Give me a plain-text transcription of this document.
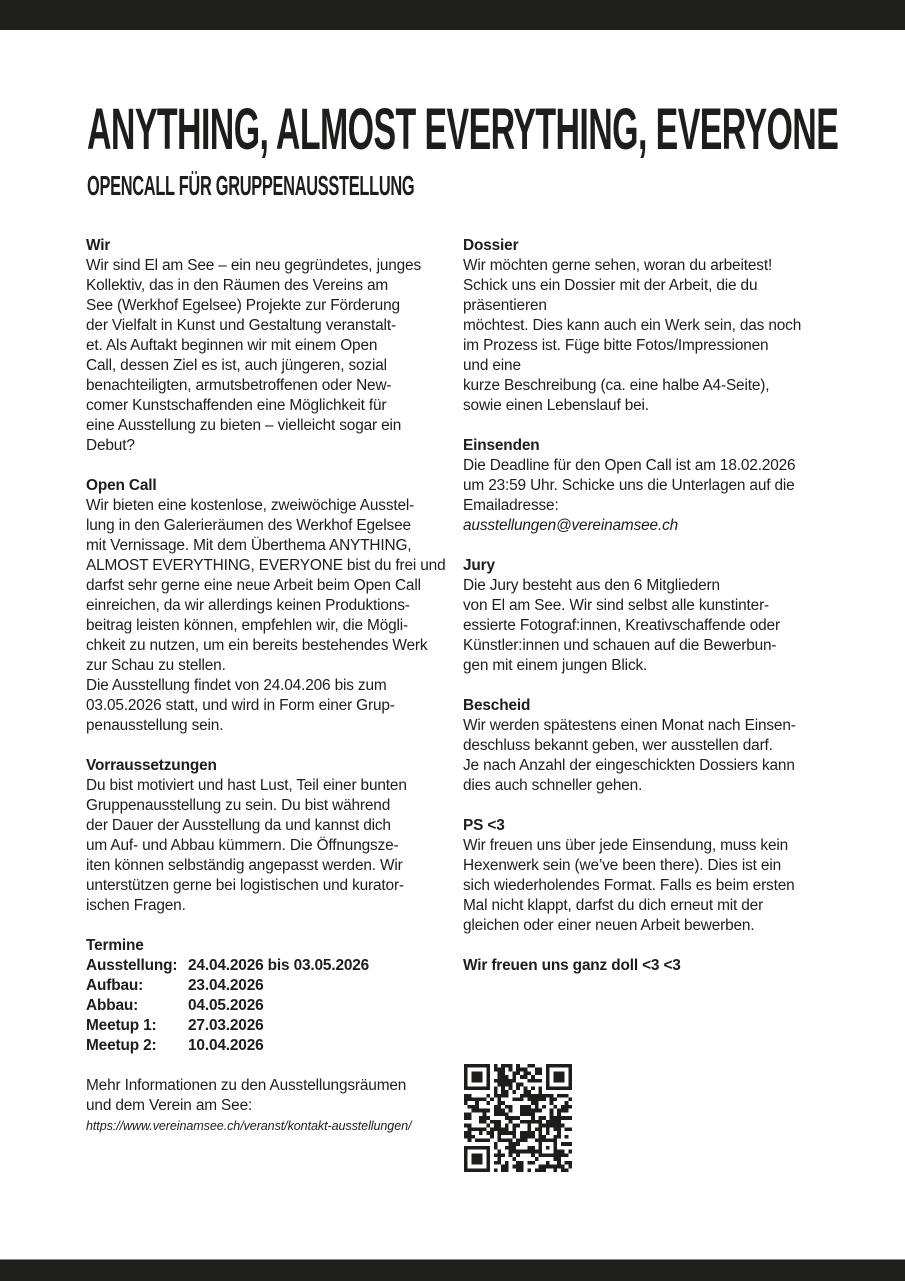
ANYTHING, ALMOST EVERYTHING, EVERYONE
OPENCALL FÜR GRUPPENAUSSTELLUNG
Wir
Wir sind El am See – ein neu gegründetes, junges
Kollektiv, das in den Räumen des Vereins am
See (Werkhof Egelsee) Projekte zur Förderung
der Vielfalt in Kunst und Gestaltung veranstalt-
et. Als Auftakt beginnen wir mit einem Open
Call, dessen Ziel es ist, auch jüngeren, sozial
benachteiligten, armutsbetroffenen oder New-
comer Kunstschaffenden eine Möglichkeit für
eine Ausstellung zu bieten – vielleicht sogar ein
Debut?
Open Call
Wir bieten eine kostenlose, zweiwöchige Ausstel-
lung in den Galerieräumen des Werkhof Egelsee
mit Vernissage. Mit dem Überthema ANYTHING,
ALMOST EVERYTHING, EVERYONE bist du frei und
darfst sehr gerne eine neue Arbeit beim Open Call
einreichen, da wir allerdings keinen Produktions-
beitrag leisten können, empfehlen wir, die Mögli-
chkeit zu nutzen, um ein bereits bestehendes Werk
zur Schau zu stellen.
Die Ausstellung findet von 24.04.206 bis zum
03.05.2026 statt, und wird in Form einer Grup-
penausstellung sein.
Vorraussetzungen
Du bist motiviert und hast Lust, Teil einer bunten
Gruppenausstellung zu sein. Du bist während
der Dauer der Ausstellung da und kannst dich
um Auf- und Abbau kümmern. Die Öffnungsze-
iten können selbständig angepasst werden. Wir
unterstützen gerne bei logistischen und kurator-
ischen Fragen.
Termine
Ausstellung: 24.04.2026 bis 03.05.2026
Aufbau:	23.04.2026
Abbau:	04.05.2026
Meetup 1:	27.03.2026
Meetup 2:	10.04.2026
Mehr Informationen zu den Ausstellungsräumen
und dem Verein am See:
https://www.vereinamsee.ch/veranst/kontakt-ausstellungen/
Dossier
Wir möchten gerne sehen, woran du arbeitest!
Schick uns ein Dossier mit der Arbeit, die du
präsentieren
möchtest. Dies kann auch ein Werk sein, das noch
im Prozess ist. Füge bitte Fotos/Impressionen
und eine
kurze Beschreibung (ca. eine halbe A4-Seite),
sowie einen Lebenslauf bei.
Einsenden
Die Deadline für den Open Call ist am 18.02.2026
um 23:59 Uhr. Schicke uns die Unterlagen auf die
Emailadresse:
ausstellungen@vereinamsee.ch
Jury
Die Jury besteht aus den 6 Mitgliedern
von El am See. Wir sind selbst alle kunstinter-
essierte Fotograf:innen, Kreativschaffende oder
Künstler:innen und schauen auf die Bewerbun-
gen mit einem jungen Blick.
Bescheid
Wir werden spätestens einen Monat nach Einsen-
deschluss bekannt geben, wer ausstellen darf.
Je nach Anzahl der eingeschickten Dossiers kann
dies auch schneller gehen.
PS <3
Wir freuen uns über jede Einsendung, muss kein
Hexenwerk sein (we’ve been there). Dies ist ein
sich wiederholendes Format. Falls es beim ersten
Mal nicht klappt, darfst du dich erneut mit der
gleichen oder einer neuen Arbeit bewerben.
Wir freuen uns ganz doll <3 <3
